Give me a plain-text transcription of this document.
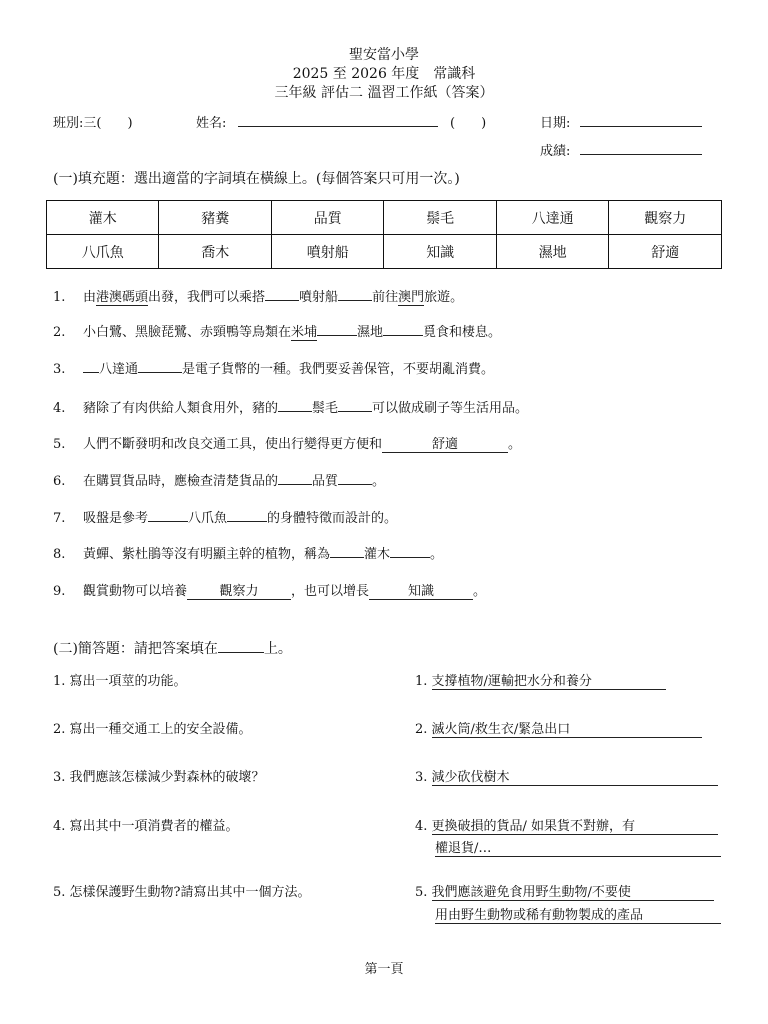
聖安當小學
2025 至 2026 年度　常識科
三年級 評估二 溫習工作紙（答案）
班別:三(　　)	姓名:	(　　)	日期:
成績:
(一)填充題：選出適當的字詞填在橫線上。(每個答案只可用一次。)
灌木	豬糞	品質	鬃毛	八達通	觀察力
八爪魚	喬木	噴射船	知識	濕地	舒適
1. 由港澳碼頭出發，我們可以乘搭	噴射船	前往澳門旅遊。
2. 小白鷺、黑臉琵鷺、赤頸鴨等鳥類在米埔	濕地	覓食和棲息。
3.	八達通	是電子貨幣的一種。我們要妥善保管，不要胡亂消費。
4. 豬除了有肉供給人類食用外，豬的	鬃毛	可以做成刷子等生活用品。
5. 人們不斷發明和改良交通工具，使出行變得更方便和	舒適	。
6. 在購買貨品時，應檢查清楚貨品的	品質	。
7. 吸盤是參考	八爪魚	的身體特徵而設計的。
8. 黃蟬、紫杜鵑等沒有明顯主幹的植物，稱為	灌木	。
9. 觀賞動物可以培養 觀察力	，也可以增長	知識	。
(二)簡答題：請把答案填在	上。
1. 寫出一項莖的功能。	1. 支撐植物/運輸把水分和養分
2. 寫出一種交通工上的安全設備。	2. 滅火筒/救生衣/緊急出口
3. 我們應該怎樣減少對森林的破壞？	3. 減少砍伐樹木
4. 寫出其中一項消費者的權益。	4. 更換破損的貨品/ 如果貨不對辦，有
權退貨/…
5. 怎樣保護野生動物?請寫出其中一個方法。	5. 我們應該避免食用野生動物/不要使
用由野生動物或稀有動物製成的產品
第一頁
